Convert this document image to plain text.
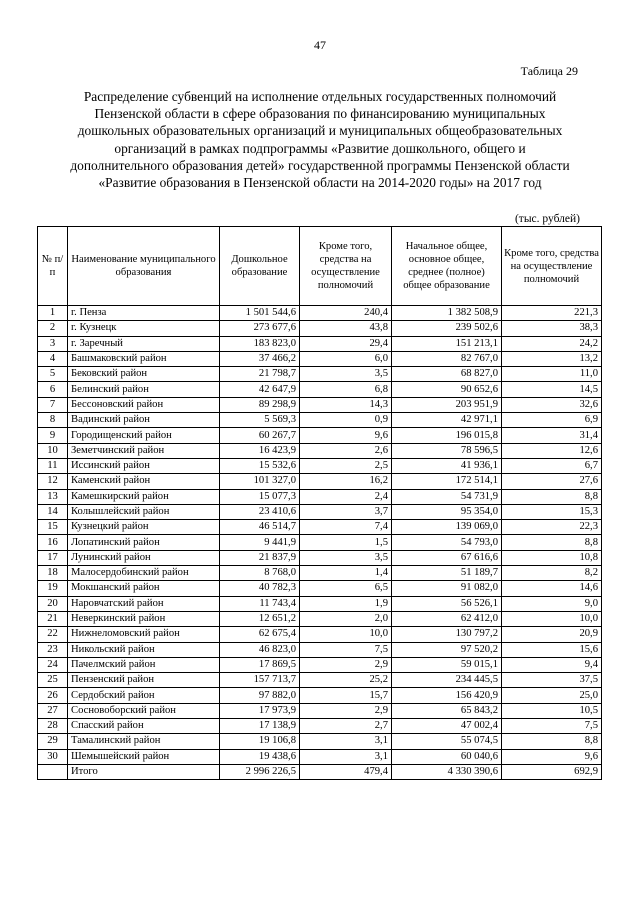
47
Таблица 29
Распределение субвенций на исполнение отдельных государственных полномочий Пензенской области в сфере образования по финансированию муниципальных дошкольных образовательных организаций и муниципальных общеобразовательных организаций в рамках подпрограммы «Развитие дошкольного, общего и дополнительного образования детей» государственной программы Пензенской области «Развитие образования в Пензенской области на 2014-2020 годы» на 2017 год
(тыс. рублей)
№ п/п	Наименование муниципального образования	Дошкольное образование	Кроме того, средства на осуществление полномочий	Начальное общее, основное общее, среднее (полное) общее образование	Кроме того, средства на осуществление полномочий
1	г. Пенза	1 501 544,6	240,4	1 382 508,9	221,3
2	г. Кузнецк	273 677,6	43,8	239 502,6	38,3
3	г. Заречный	183 823,0	29,4	151 213,1	24,2
4	Башмаковский район	37 466,2	6,0	82 767,0	13,2
5	Бековский район	21 798,7	3,5	68 827,0	11,0
6	Белинский район	42 647,9	6,8	90 652,6	14,5
7	Бессоновский район	89 298,9	14,3	203 951,9	32,6
8	Вадинский район	5 569,3	0,9	42 971,1	6,9
9	Городищенский район	60 267,7	9,6	196 015,8	31,4
10	Земетчинский район	16 423,9	2,6	78 596,5	12,6
11	Иссинский район	15 532,6	2,5	41 936,1	6,7
12	Каменский район	101 327,0	16,2	172 514,1	27,6
13	Камешкирский район	15 077,3	2,4	54 731,9	8,8
14	Колышлейский район	23 410,6	3,7	95 354,0	15,3
15	Кузнецкий район	46 514,7	7,4	139 069,0	22,3
16	Лопатинский район	9 441,9	1,5	54 793,0	8,8
17	Лунинский район	21 837,9	3,5	67 616,6	10,8
18	Малосердобинский район	8 768,0	1,4	51 189,7	8,2
19	Мокшанский район	40 782,3	6,5	91 082,0	14,6
20	Наровчатский район	11 743,4	1,9	56 526,1	9,0
21	Неверкинский район	12 651,2	2,0	62 412,0	10,0
22	Нижнеломовский район	62 675,4	10,0	130 797,2	20,9
23	Никольский район	46 823,0	7,5	97 520,2	15,6
24	Пачелмский район	17 869,5	2,9	59 015,1	9,4
25	Пензенский район	157 713,7	25,2	234 445,5	37,5
26	Сердобский район	97 882,0	15,7	156 420,9	25,0
27	Сосновоборский район	17 973,9	2,9	65 843,2	10,5
28	Спасский район	17 138,9	2,7	47 002,4	7,5
29	Тамалинский район	19 106,8	3,1	55 074,5	8,8
30	Шемышейский район	19 438,6	3,1	60 040,6	9,6
	Итого	2 996 226,5	479,4	4 330 390,6	692,9
